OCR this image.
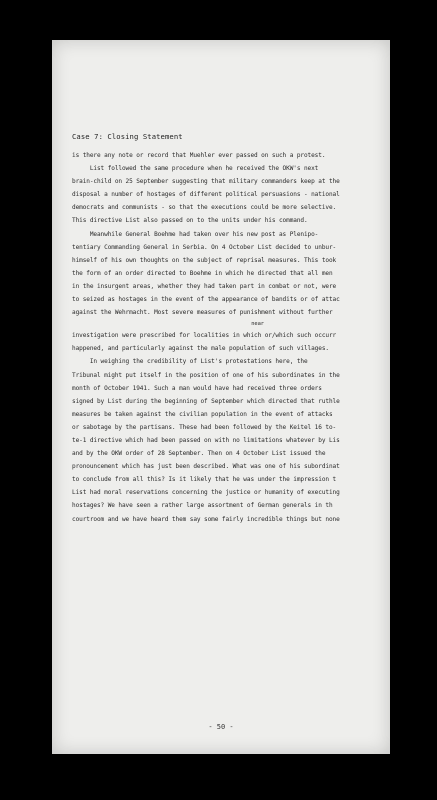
Case 7: Closing Statement
is there any note or record that Muehler ever passed on such a protest.
List followed the same procedure when he received the OKW's next
brain-child on 25 September suggesting that military commanders keep at the
disposal a number of hostages of different political persuasions - national
democrats and communists - so that the executions could be more selective.
This directive List also passed on to the units under his command.
Meanwhile General Boehme had taken over his new post as Plenipo-
tentiary Commanding General in Serbia. On 4 October List decided to unbur-
himself of his own thoughts on the subject of reprisal measures. This took
the form of an order directed to Boehme in which he directed that all men
in the insurgent areas, whether they had taken part in combat or not, were
to seized as hostages in the event of the appearance of bandits or of attac
against the Wehrmacht. Most severe measures of punishment without further
near
investigation were prescribed for localities in which or/which such occurr
happened, and particularly against the male population of such villages.
In weighing the credibility of List's protestations here, the
Tribunal might put itself in the position of one of his subordinates in the
month of October 1941. Such a man would have had received three orders
signed by List during the beginning of September which directed that ruthle
measures be taken against the civilian population in the event of attacks
or sabotage by the partisans. These had been followed by the Keitel 16 to-
te-1 directive which had been passed on with no limitations whatever by Lis
and by the OKW order of 28 September. Then on 4 October List issued the
pronouncement which has just been described. What was one of his subordinat
to conclude from all this? Is it likely that he was under the impression t
List had moral reservations concerning the justice or humanity of executing
hostages? We have seen a rather large assortment of German generals in th
courtroom and we have heard them say some fairly incredible things but none
- 50 -
